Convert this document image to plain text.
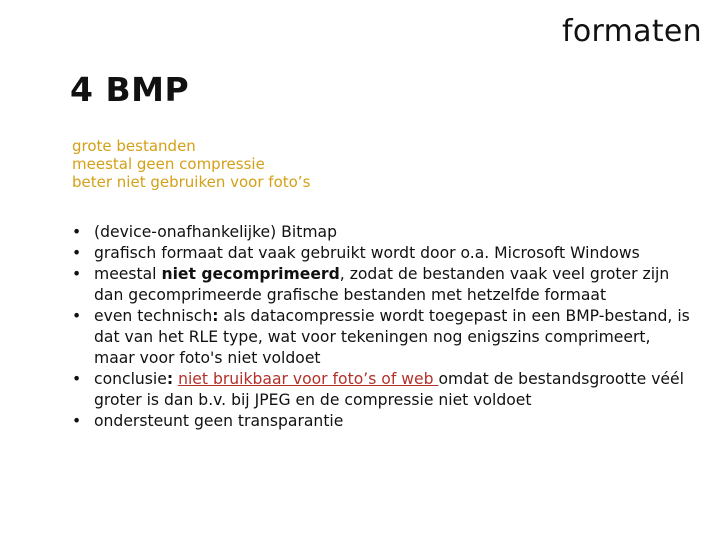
formaten
4 BMP
grote bestanden
meestal geen compressie
beter niet gebruiken voor foto’s
• (device-onafhankelijke) Bitmap
• grafisch formaat dat vaak gebruikt wordt door o.a. Microsoft Windows
• meestal niet gecomprimeerd, zodat de bestanden vaak veel groter zijn dan gecomprimeerde grafische bestanden met hetzelfde formaat
• even technisch: als datacompressie wordt toegepast in een BMP-bestand, is dat van het RLE type, wat voor tekeningen nog enigszins comprimeert, maar voor foto's niet voldoet
• conclusie: niet bruikbaar voor foto’s of web omdat de bestandsgrootte véél groter is dan b.v. bij JPEG en de compressie niet voldoet
• ondersteunt geen transparantie
